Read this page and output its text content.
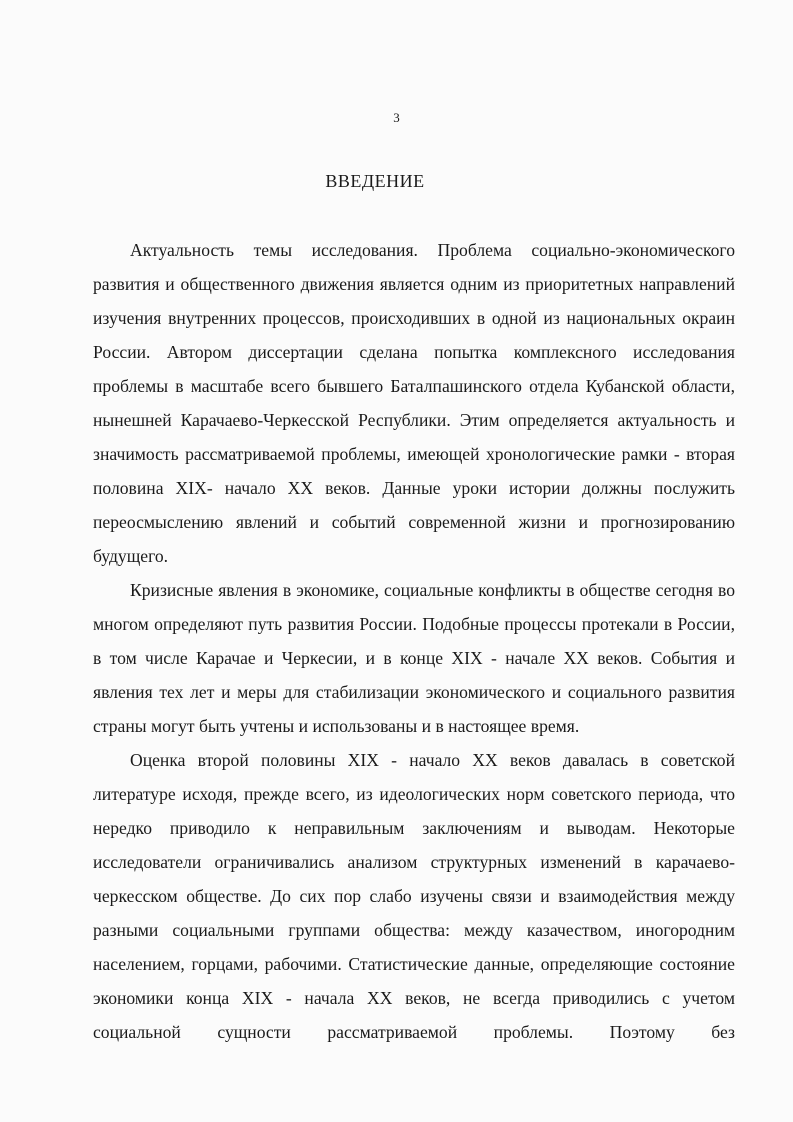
3
ВВЕДЕНИЕ

Актуальность темы исследования. Проблема социально-экономического развития и общественного движения является одним из приоритетных направлений изучения внутренних процессов, происходивших в одной из национальных окраин России. Автором диссертации сделана попытка комплексного исследования проблемы в масштабе всего бывшего Баталпашинского отдела Кубанской области, нынешней Карачаево-Черкесской Республики. Этим определяется актуальность и значимость рассматриваемой проблемы, имеющей хронологические рамки - вторая половина XIX- начало XX веков. Данные уроки истории должны послужить переосмыслению явлений и событий современной жизни и прогнозированию будущего.

Кризисные явления в экономике, социальные конфликты в обществе сегодня во многом определяют путь развития России. Подобные процессы протекали в России, в том числе Карачае и Черкесии, и в конце XIX - начале XX веков. События и явления тех лет и меры для стабилизации экономического и социального развития страны могут быть учтены и использованы и в настоящее время.

Оценка второй половины XIX - начало XX веков давалась в советской литературе исходя, прежде всего, из идеологических норм советского периода, что нередко приводило к неправильным заключениям и выводам. Некоторые исследователи ограничивались анализом структурных изменений в карачаево-черкесском обществе. До сих пор слабо изучены связи и взаимодействия между разными социальными группами общества: между казачеством, иногородним населением, горцами, рабочими. Статистические данные, определяющие состояние экономики конца XIX - начала XX веков, не всегда приводились с учетом социальной сущности рассматриваемой проблемы. Поэтому без
